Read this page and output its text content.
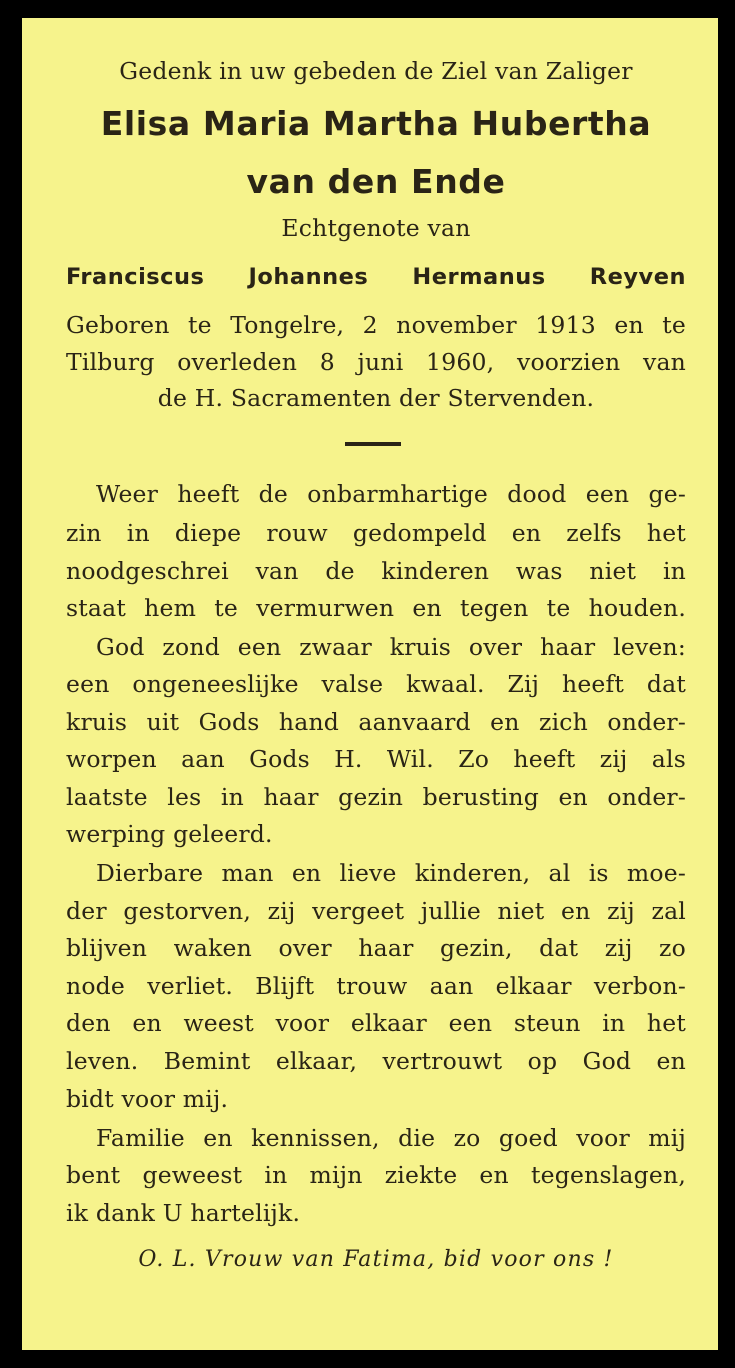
Gedenk in uw gebeden de Ziel van Zaliger
Elisa Maria Martha Hubertha
van den Ende
Echtgenote van
Franciscus Johannes Hermanus Reyven
Geboren te Tongelre, 2 november 1913 en te
Tilburg overleden 8 juni 1960, voorzien van
de H. Sacramenten der Stervenden.
Weer heeft de onbarmhartige dood een ge-
zin in diepe rouw gedompeld en zelfs het
noodgeschrei van de kinderen was niet in
staat hem te vermurwen en tegen te houden.
God zond een zwaar kruis over haar leven:
een ongeneeslijke valse kwaal. Zij heeft dat
kruis uit Gods hand aanvaard en zich onder-
worpen aan Gods H. Wil. Zo heeft zij als
laatste les in haar gezin berusting en onder-
werping geleerd.
Dierbare man en lieve kinderen, al is moe-
der gestorven, zij vergeet jullie niet en zij zal
blijven waken over haar gezin, dat zij zo
node verliet. Blijft trouw aan elkaar verbon-
den en weest voor elkaar een steun in het
leven. Bemint elkaar, vertrouwt op God en
bidt voor mij.
Familie en kennissen, die zo goed voor mij
bent geweest in mijn ziekte en tegenslagen,
ik dank U hartelijk.
O. L. Vrouw van Fatima, bid voor ons !
